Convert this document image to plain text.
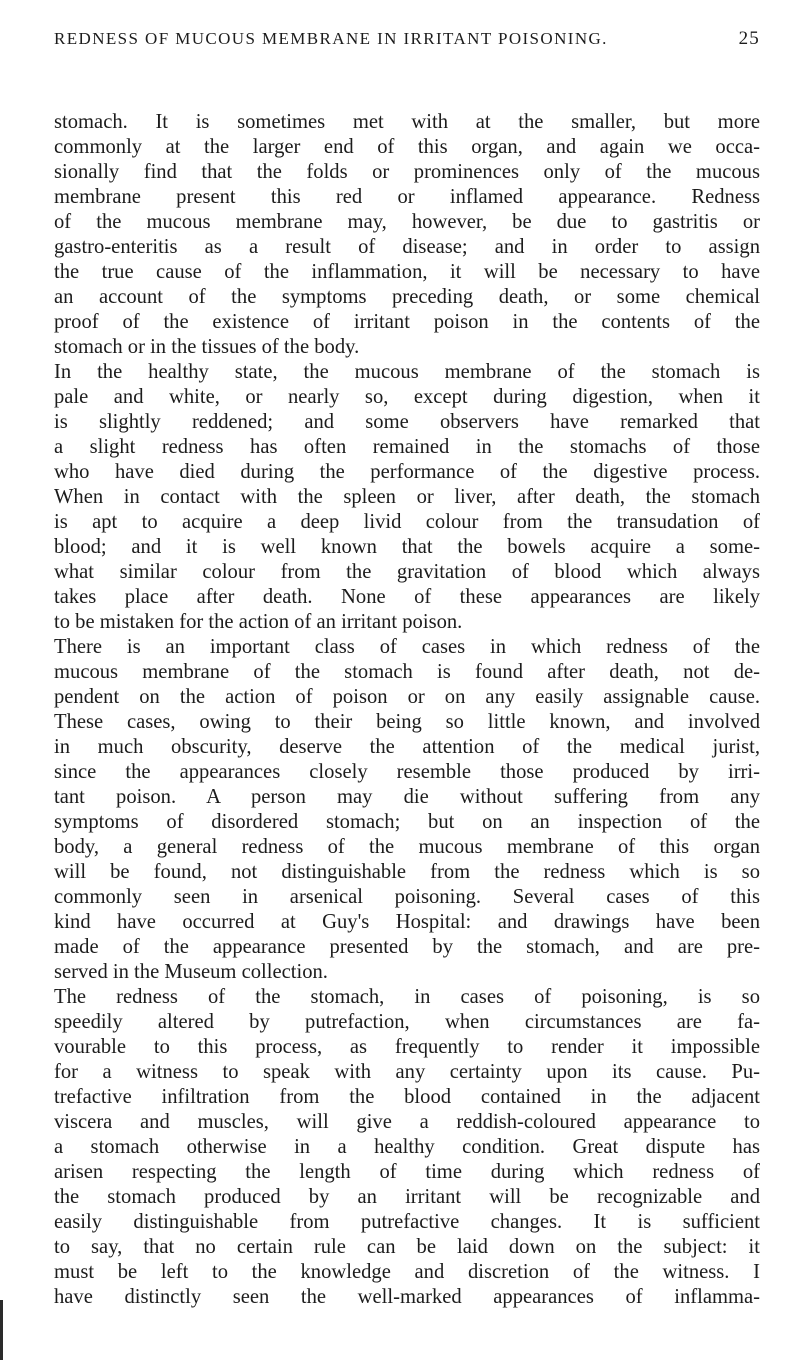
REDNESS OF MUCOUS MEMBRANE IN IRRITANT POISONING.	25
stomach. It is sometimes met with at the smaller, but more
commonly at the larger end of this organ, and again we occa-
sionally find that the folds or prominences only of the mucous
membrane present this red or inflamed appearance. Redness
of the mucous membrane may, however, be due to gastritis or
gastro-enteritis as a result of disease; and in order to assign
the true cause of the inflammation, it will be necessary to have
an account of the symptoms preceding death, or some chemical
proof of the existence of irritant poison in the contents of the
stomach or in the tissues of the body.
In the healthy state, the mucous membrane of the stomach is
pale and white, or nearly so, except during digestion, when it
is slightly reddened; and some observers have remarked that
a slight redness has often remained in the stomachs of those
who have died during the performance of the digestive process.
When in contact with the spleen or liver, after death, the stomach
is apt to acquire a deep livid colour from the transudation of
blood; and it is well known that the bowels acquire a some-
what similar colour from the gravitation of blood which always
takes place after death. None of these appearances are likely
to be mistaken for the action of an irritant poison.
There is an important class of cases in which redness of the
mucous membrane of the stomach is found after death, not de-
pendent on the action of poison or on any easily assignable cause.
These cases, owing to their being so little known, and involved
in much obscurity, deserve the attention of the medical jurist,
since the appearances closely resemble those produced by irri-
tant poison. A person may die without suffering from any
symptoms of disordered stomach; but on an inspection of the
body, a general redness of the mucous membrane of this organ
will be found, not distinguishable from the redness which is so
commonly seen in arsenical poisoning. Several cases of this
kind have occurred at Guy's Hospital: and drawings have been
made of the appearance presented by the stomach, and are pre-
served in the Museum collection.
The redness of the stomach, in cases of poisoning, is so
speedily altered by putrefaction, when circumstances are fa-
vourable to this process, as frequently to render it impossible
for a witness to speak with any certainty upon its cause. Pu-
trefactive infiltration from the blood contained in the adjacent
viscera and muscles, will give a reddish-coloured appearance to
a stomach otherwise in a healthy condition. Great dispute has
arisen respecting the length of time during which redness of
the stomach produced by an irritant will be recognizable and
easily distinguishable from putrefactive changes. It is sufficient
to say, that no certain rule can be laid down on the subject: it
must be left to the knowledge and discretion of the witness. I
have distinctly seen the well-marked appearances of inflamma-
